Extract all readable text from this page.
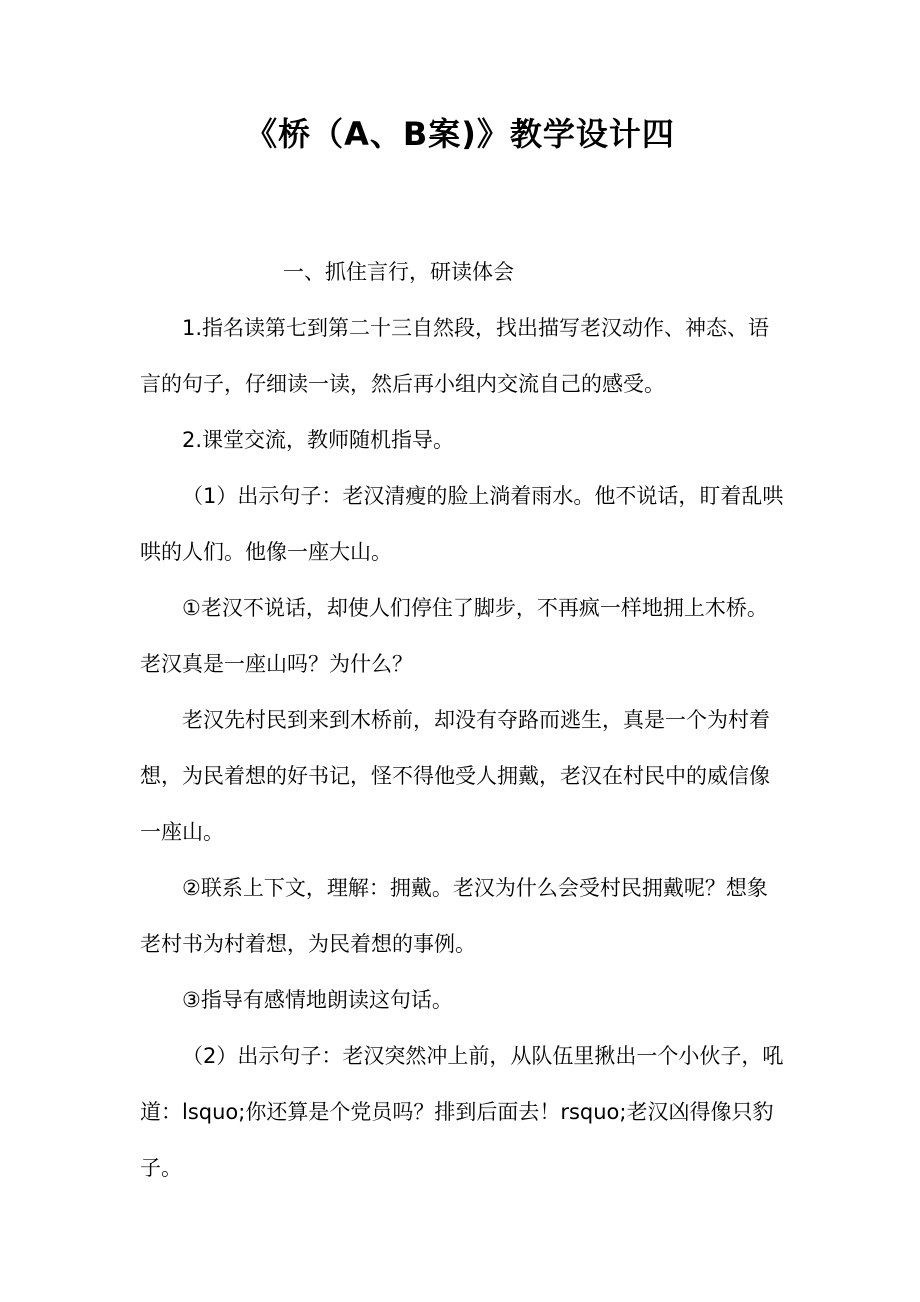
《桥（A、B案)》教学设计四

一、抓住言行，研读体会

1.指名读第七到第二十三自然段，找出描写老汉动作、神态、语言的句子，仔细读一读，然后再小组内交流自己的感受。

2.课堂交流，教师随机指导。

（1）出示句子：老汉清瘦的脸上淌着雨水。他不说话，盯着乱哄哄的人们。他像一座大山。

①老汉不说话，却使人们停住了脚步，不再疯一样地拥上木桥。老汉真是一座山吗？为什么？

老汉先村民到来到木桥前，却没有夺路而逃生，真是一个为村着想，为民着想的好书记，怪不得他受人拥戴，老汉在村民中的威信像一座山。

②联系上下文，理解：拥戴。老汉为什么会受村民拥戴呢？想象老村书为村着想，为民着想的事例。

③指导有感情地朗读这句话。

（2）出示句子：老汉突然冲上前，从队伍里揪出一个小伙子，吼道：lsquo;你还算是个党员吗？排到后面去！rsquo;老汉凶得像只豹子。
